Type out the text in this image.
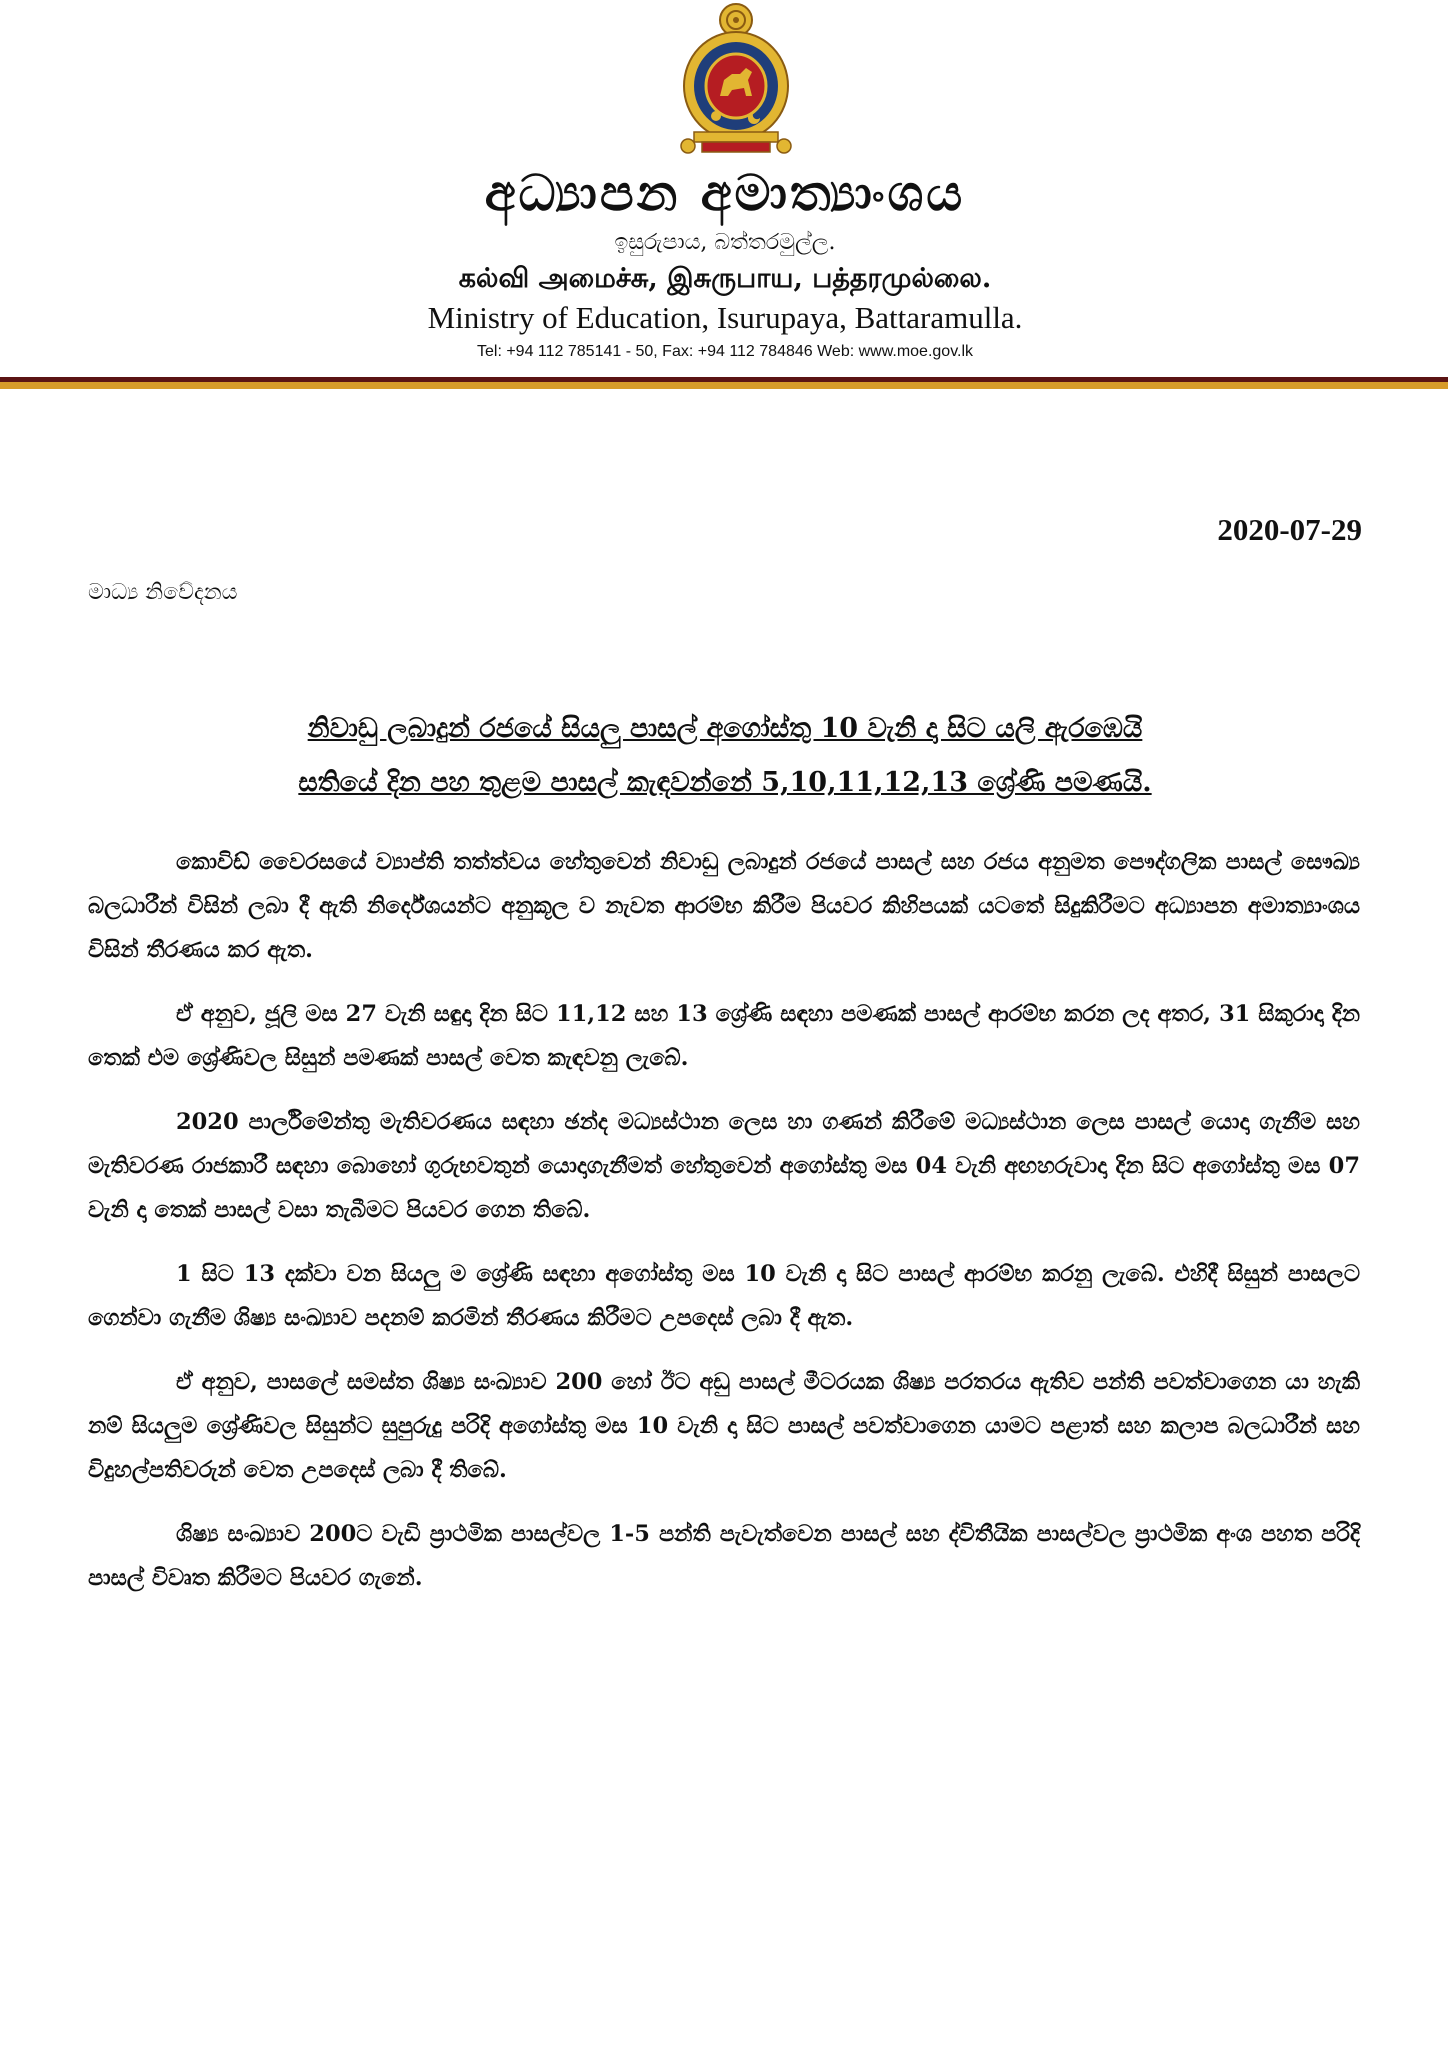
අධ්‍යාපන අමාත්‍යාංශය
ඉසුරුපාය, බත්තරමුල්ල.
கல்வி அமைச்சு, இசுருபாய, பத்தரமுல்லை.
Ministry of Education, Isurupaya, Battaramulla.
Tel: +94 112 785141 - 50, Fax: +94 112 784846 Web: www.moe.gov.lk
2020-07-29
මාධ්‍ය නිවේදනය
නිවාඩු ලබාදුන් රජයේ සියලු පාසල් අගෝස්තු 10 වැනි දා සිට යලි ඇරඹෙයි
සතියේ දින පහ තුළම පාසල් කැඳවන්නේ 5,10,11,12,13 ශ්‍රේණි පමණයි.

කොවිඩ් වෛරසයේ ව්‍යාප්ති තත්ත්වය හේතුවෙන් නිවාඩු ලබාදුන් රජයේ පාසල් සහ රජය අනුමත පෞද්ගලික පාසල් සෞඛ්‍ය බලධාරීන් විසින් ලබා දී ඇති නිර්දේශයන්ට අනුකූල ව නැවත ආරම්භ කිරීම පියවර කිහිපයක් යටතේ සිදුකිරීමට අධ්‍යාපන අමාත්‍යාංශය විසින් තීරණය කර ඇත.

ඒ අනුව, ජූලි මස 27 වැනි සඳුදා දින සිට 11,12 සහ 13 ශ්‍රේණි සඳහා පමණක් පාසල් ආරම්භ කරන ලද අතර, 31 සිකුරාදා දින තෙක් එම ශ්‍රේණිවල සිසුන් පමණක් පාසල් වෙත කැඳවනු ලැබේ.

2020 පාර්ලිමේන්තු මැතිවරණය සඳහා ඡන්ද මධ්‍යස්ථාන ලෙස හා ගණන් කිරීමේ මධ්‍යස්ථාන ලෙස පාසල් යොදා ගැනීම සහ මැතිවරණ රාජකාරී සඳහා බොහෝ ගුරුභවතුන් යොදාගැනීමත් හේතුවෙන් අගෝස්තු මස 04 වැනි අඟහරුවාදා දින සිට අගෝස්තු මස 07 වැනි දා තෙක් පාසල් වසා තැබීමට පියවර ගෙන තිබේ.

1 සිට 13 දක්වා වන සියලු ම ශ්‍රේණි සඳහා අගෝස්තු මස 10 වැනි දා සිට පාසල් ආරම්භ කරනු ලැබේ. එහිදී සිසුන් පාසලට ගෙන්වා ගැනීම ශිෂ්‍ය සංඛ්‍යාව පදනම් කරමින් තීරණය කිරීමට උපදෙස් ලබා දී ඇත.

ඒ අනුව, පාසලේ සමස්ත ශිෂ්‍ය සංඛ්‍යාව 200 හෝ ඊට අඩු පාසල් මීටරයක ශිෂ්‍ය පරතරය ඇතිව පන්ති පවත්වාගෙන යා හැකි නම් සියලුම ශ්‍රේණිවල සිසුන්ට සුපුරුදු පරිදි අගෝස්තු මස 10 වැනි දා සිට පාසල් පවත්වාගෙන යාමට පළාත් සහ කලාප බලධාරීන් සහ විදුහල්පතිවරුන් වෙත උපදෙස් ලබා දී තිබේ.

ශිෂ්‍ය සංඛ්‍යාව 200ට වැඩි ප්‍රාථමික පාසල්වල 1-5 පන්ති පැවැත්වෙන පාසල් සහ ද්විතීයික පාසල්වල ප්‍රාථමික අංශ පහත පරිදි පාසල් විවෘත කිරීමට පියවර ගැනේ.
